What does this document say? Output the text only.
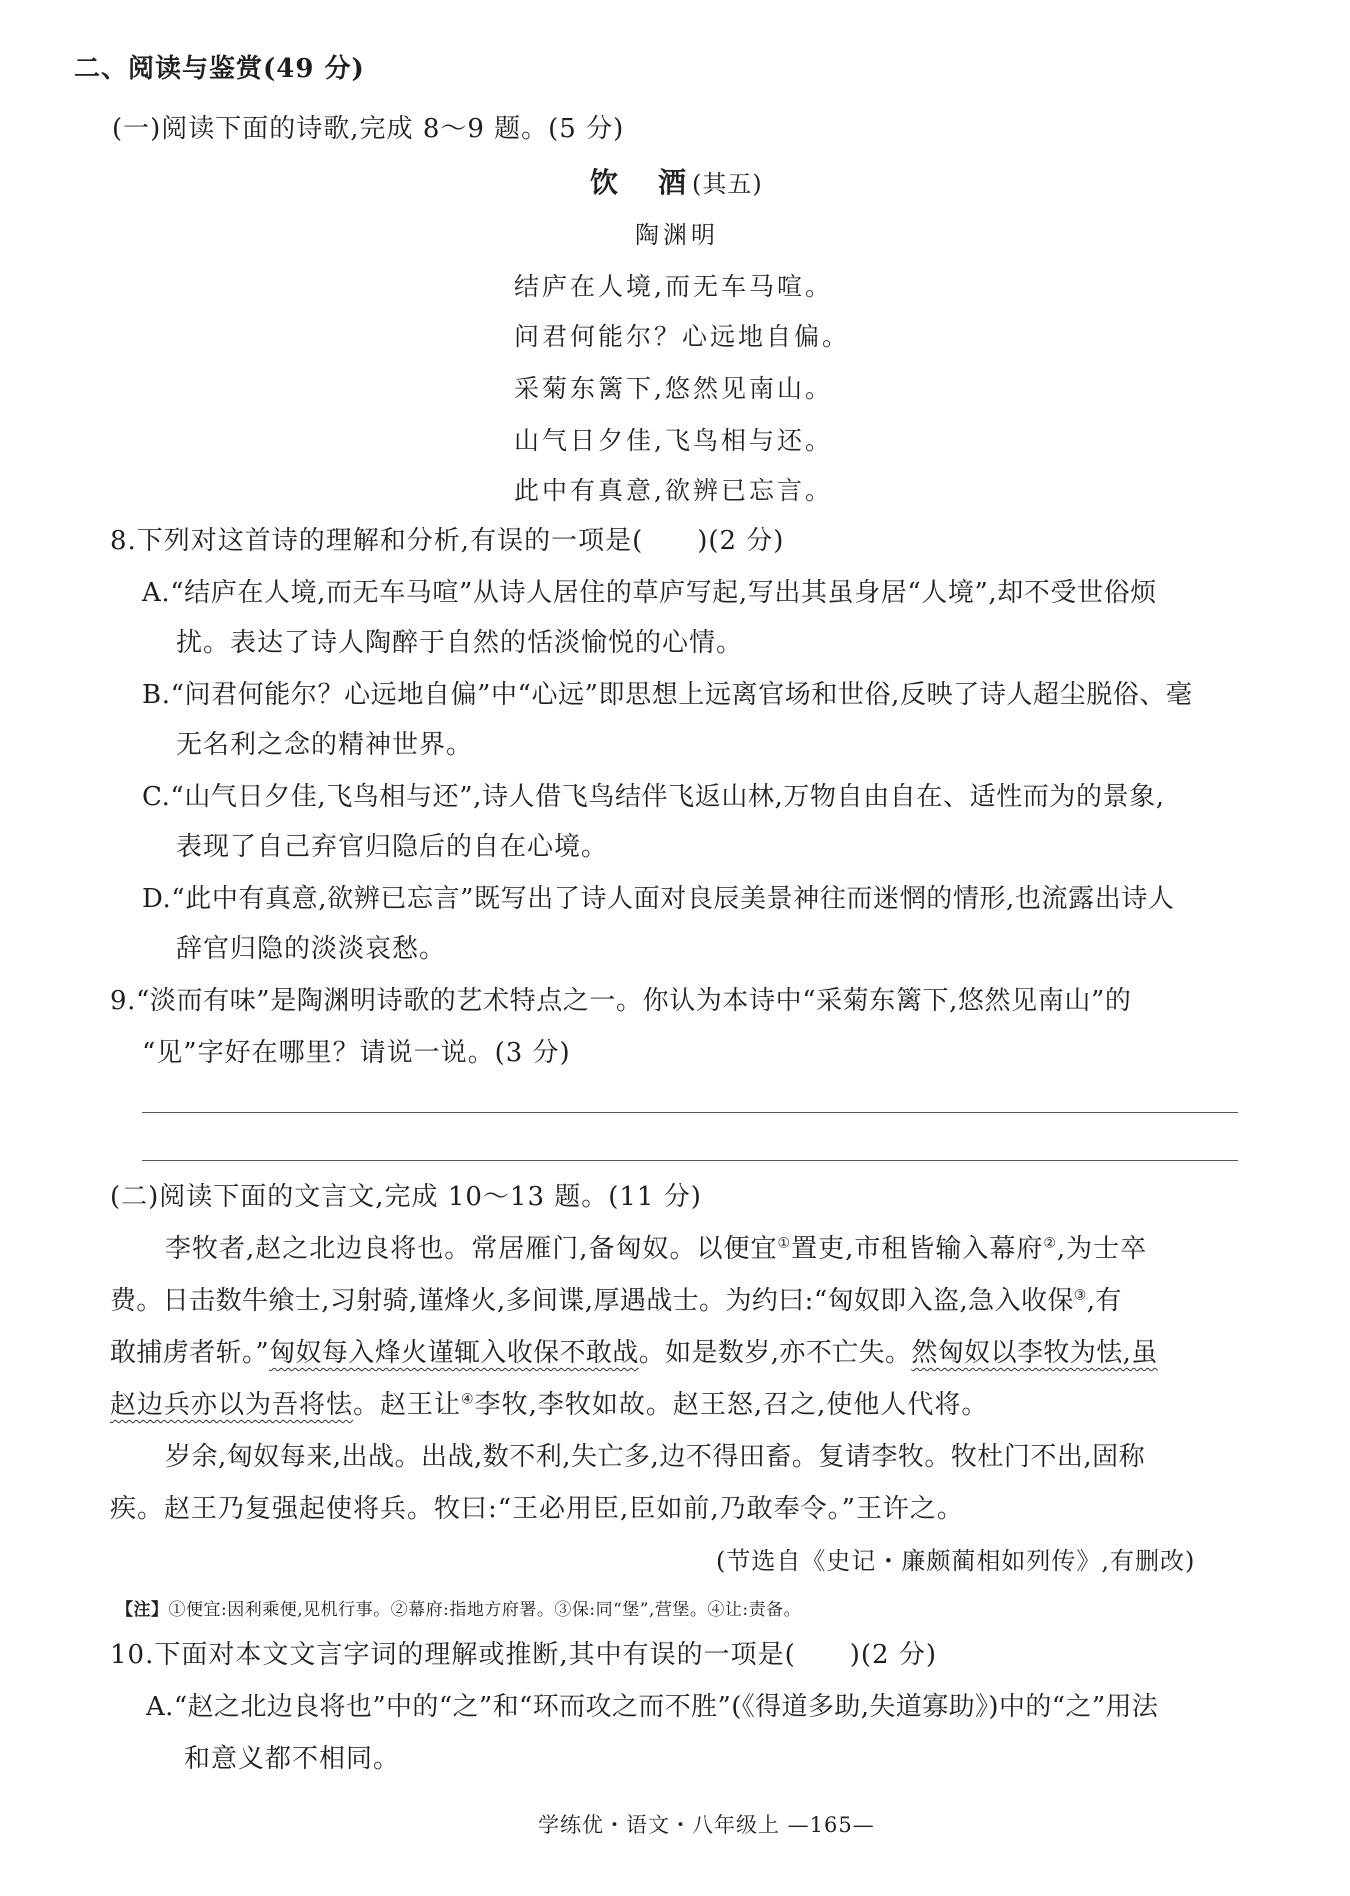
二、阅读与鉴赏(49 分)
(一)阅读下面的诗歌,完成 8～9 题。(5 分)
饮　酒(其五)
陶渊明
结庐在人境,而无车马喧。
问君何能尔？心远地自偏。
采菊东篱下,悠然见南山。
山气日夕佳,飞鸟相与还。
此中有真意,欲辨已忘言。
8.下列对这首诗的理解和分析,有误的一项是(　　)(2 分)
A.“结庐在人境,而无车马喧”从诗人居住的草庐写起,写出其虽身居“人境”,却不受世俗烦
扰。表达了诗人陶醉于自然的恬淡愉悦的心情。
B.“问君何能尔？心远地自偏”中“心远”即思想上远离官场和世俗,反映了诗人超尘脱俗、毫
无名利之念的精神世界。
C.“山气日夕佳,飞鸟相与还”,诗人借飞鸟结伴飞返山林,万物自由自在、适性而为的景象,
表现了自己弃官归隐后的自在心境。
D.“此中有真意,欲辨已忘言”既写出了诗人面对良辰美景神往而迷惘的情形,也流露出诗人
辞官归隐的淡淡哀愁。
9.“淡而有味”是陶渊明诗歌的艺术特点之一。你认为本诗中“采菊东篱下,悠然见南山”的
“见”字好在哪里？请说一说。(3 分)
(二)阅读下面的文言文,完成 10～13 题。(11 分)
李牧者,赵之北边良将也。常居雁门,备匈奴。以便宜①置吏,市租皆输入幕府②,为士卒
费。日击数牛飨士,习射骑,谨烽火,多间谍,厚遇战士。为约曰:“匈奴即入盗,急入收保③,有
敢捕虏者斩。”匈奴每入烽火谨辄入收保不敢战。如是数岁,亦不亡失。然匈奴以李牧为怯,虽
赵边兵亦以为吾将怯。赵王让④李牧,李牧如故。赵王怒,召之,使他人代将。
岁余,匈奴每来,出战。出战,数不利,失亡多,边不得田畜。复请李牧。牧杜门不出,固称
疾。赵王乃复强起使将兵。牧曰:“王必用臣,臣如前,乃敢奉令。”王许之。
(节选自《史记・廉颇蔺相如列传》,有删改)
【注】①便宜:因利乘便,见机行事。②幕府:指地方府署。③保:同“堡”,营堡。④让:责备。
10.下面对本文文言字词的理解或推断,其中有误的一项是(　　)(2 分)
A.“赵之北边良将也”中的“之”和“环而攻之而不胜”(《得道多助,失道寡助》)中的“之”用法
和意义都不相同。
学练优・语文・八年级上 —165—
